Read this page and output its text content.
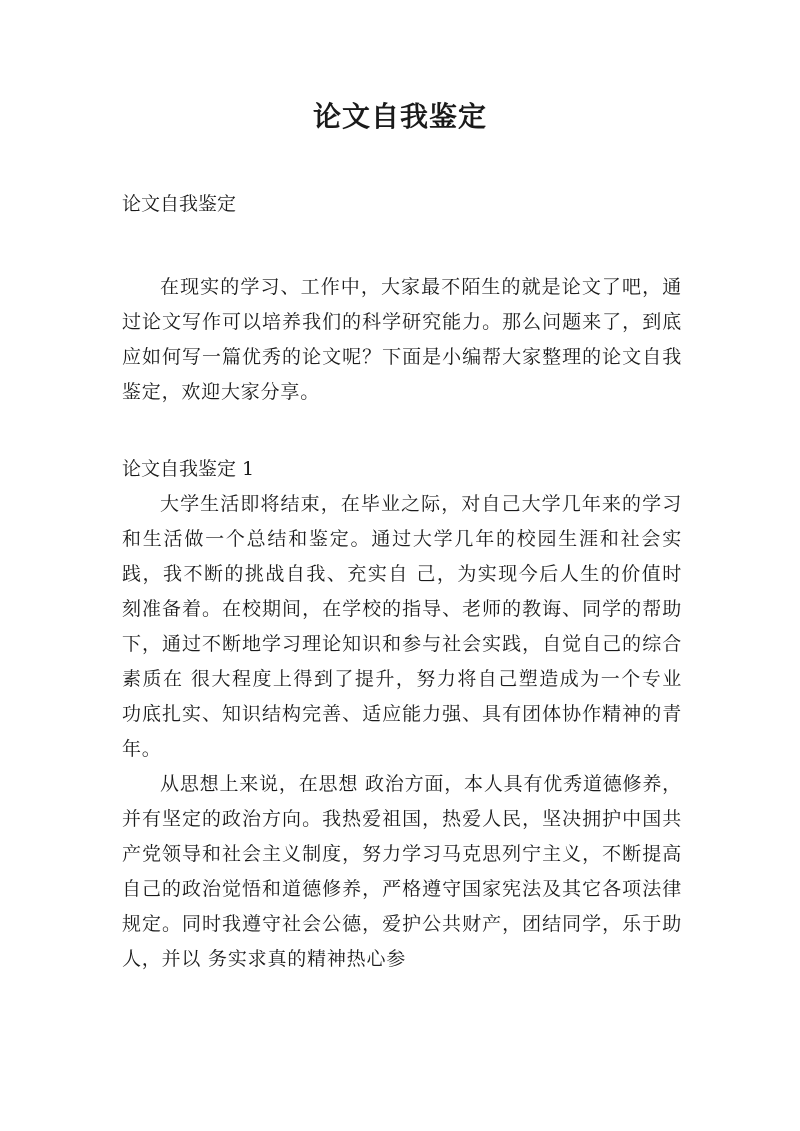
论文自我鉴定

论文自我鉴定

在现实的学习、工作中，大家最不陌生的就是论文了吧，通过论文写作可以培养我们的科学研究能力。那么问题来了，到底应如何写一篇优秀的论文呢？下面是小编帮大家整理的论文自我鉴定，欢迎大家分享。

论文自我鉴定 1

大学生活即将结束，在毕业之际，对自己大学几年来的学习和生活做一个总结和鉴定。通过大学几年的校园生涯和社会实践，我不断的挑战自我、充实自 己，为实现今后人生的价值时刻准备着。在校期间，在学校的指导、老师的教诲、同学的帮助下，通过不断地学习理论知识和参与社会实践，自觉自己的综合素质在 很大程度上得到了提升，努力将自己塑造成为一个专业功底扎实、知识结构完善、适应能力强、具有团体协作精神的青年。

从思想上来说，在思想 政治方面，本人具有优秀道德修养，并有坚定的政治方向。我热爱祖国，热爱人民，坚决拥护中国共产党领导和社会主义制度，努力学习马克思列宁主义，不断提高自己的政治觉悟和道德修养，严格遵守国家宪法及其它各项法律规定。同时我遵守社会公德，爱护公共财产，团结同学，乐于助人，并以 务实求真的精神热心参
